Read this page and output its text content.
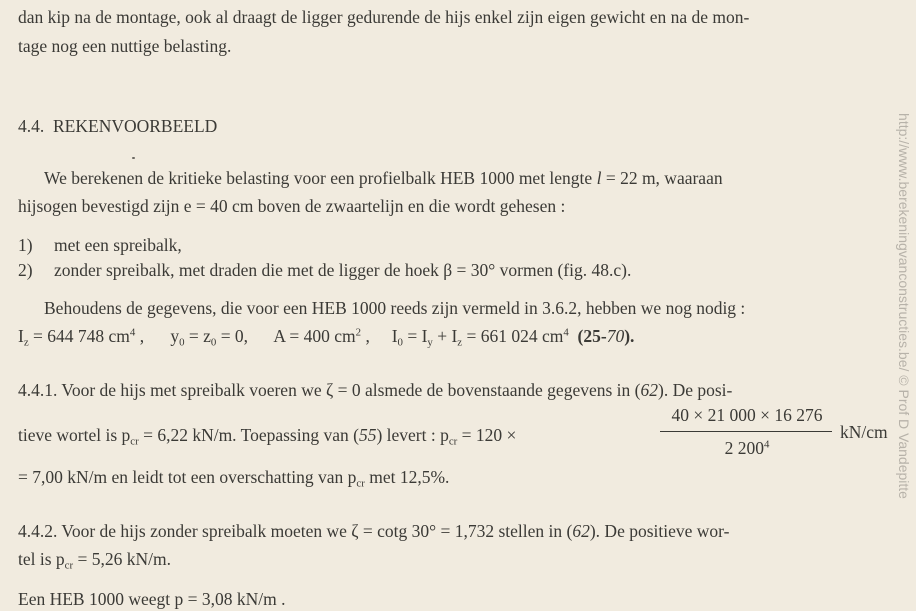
dan kip na de montage, ook al draagt de ligger gedurende de hijs enkel zijn eigen gewicht en na de mon-
tage nog een nuttige belasting.
4.4. REKENVOORBEELD
We berekenen de kritieke belasting voor een profielbalk HEB 1000 met lengte l = 22 m, waaraan
hijsogen bevestigd zijn e = 40 cm boven de zwaartelijn en die wordt gehesen :
1) met een spreibalk,
2) zonder spreibalk, met draden die met de ligger de hoek β = 30° vormen (fig. 48.c).
Behoudens de gegevens, die voor een HEB 1000 reeds zijn vermeld in 3.6.2, hebben we nog nodig :
$I_z = 644$ 748 $cm^4$ ,      $y_0 = z_0 = 0$, A = 400 $cm^2$ ,     $I_0 = I_y + I_z = 661$ 024 $cm^4$ (25-70).
4.4.1. Voor de hijs met spreibalk voeren we ζ = 0 alsmede de bovenstaande gegevens in (62). De posi-
tieve wortel is $p_{cr} = 6,22$ kN/m. Toepassing van (55) levert : $p_{cr} = 120$ ×
40 × 21 000 × 16 276
2 $200^4$
kN/cm
= 7,00 kN/m en leidt tot een overschatting van $p_{cr}$ met 12,5%.
4.4.2. Voor de hijs zonder spreibalk moeten we ζ = cotg 30° = 1,732 stellen in (62). De positieve wor-
tel is $p_{cr} = 5,26$ kN/m.
Een HEB 1000 weegt p = 3,08 kN/m .
http://www.berekeningvanconstructies.be/ © Prof D Vandepitte
